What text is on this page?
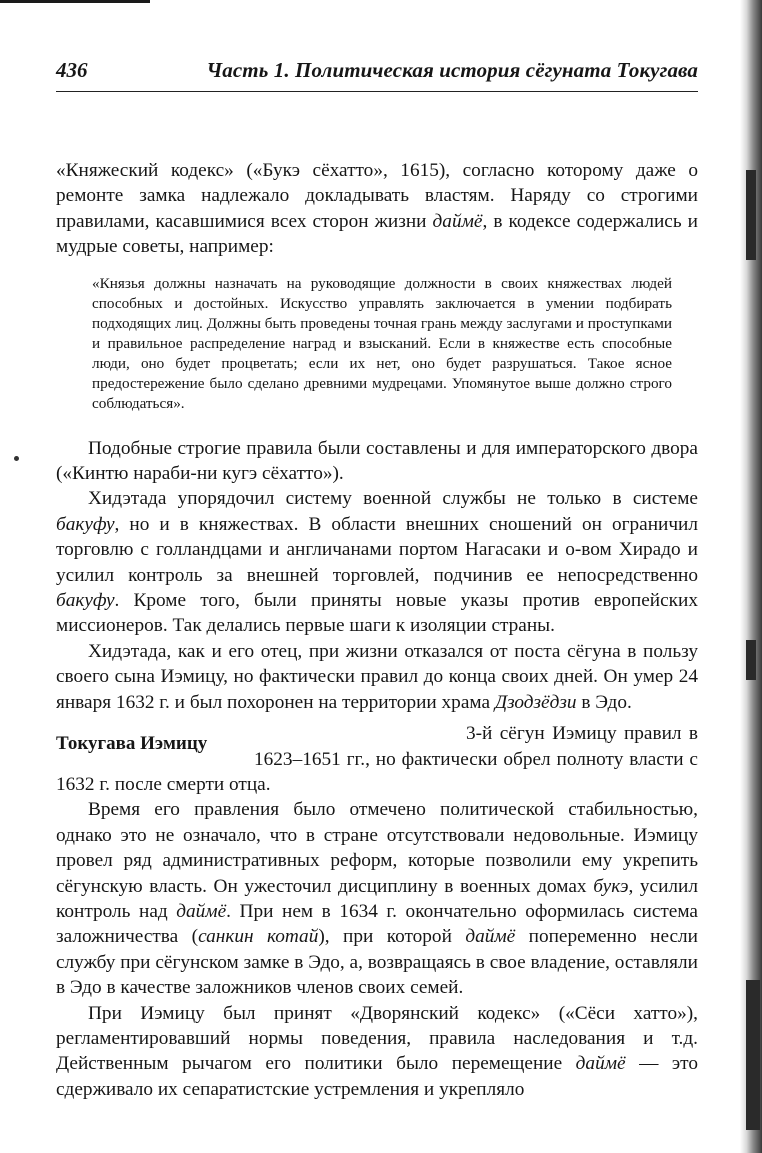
436	Часть 1. Политическая история сёгуната Токугава

«Княжеский кодекс» («Букэ сёхатто», 1615), согласно которому даже о ремонте замка надлежало докладывать властям. Наряду со строгими правилами, касавшимися всех сторон жизни даймё, в кодексе содержались и мудрые советы, например:

«Князья должны назначать на руководящие должности в своих княжествах людей способных и достойных. Искусство управлять заключается в умении подбирать подходящих лиц. Должны быть проведены точная грань между заслугами и проступками и правильное распределение наград и взысканий. Если в княжестве есть способные люди, оно будет процветать; если их нет, оно будет разрушаться. Такое ясное предостережение было сделано древними мудрецами. Упомянутое выше должно строго соблюдаться».

Подобные строгие правила были составлены и для императорского двора («Кинтю нараби-ни кугэ сёхатто»).

Хидэтада упорядочил систему военной службы не только в системе бакуфу, но и в княжествах. В области внешних сношений он ограничил торговлю с голландцами и англичанами портом Нагасаки и о-вом Хирадо и усилил контроль за внешней торговлей, подчинив ее непосредственно бакуфу. Кроме того, были приняты новые указы против европейских миссионеров. Так делались первые шаги к изоляции страны.

Хидэтада, как и его отец, при жизни отказался от поста сёгуна в пользу своего сына Иэмицу, но фактически правил до конца своих дней. Он умер 24 января 1632 г. и был похоронен на территории храма Дзодзёдзи в Эдо.

Токугава Иэмицу	3-й сёгун Иэмицу правил в 1623–1651 гг., но фактически обрел полноту власти с 1632 г. после смерти отца.

Время его правления было отмечено политической стабильностью, однако это не означало, что в стране отсутствовали недовольные. Иэмицу провел ряд административных реформ, которые позволили ему укрепить сёгунскую власть. Он ужесточил дисциплину в военных домах букэ, усилил контроль над даймё. При нем в 1634 г. окончательно оформилась система заложничества (санкин котай), при которой даймё попеременно несли службу при сёгунском замке в Эдо, а, возвращаясь в свое владение, оставляли в Эдо в качестве заложников членов своих семей.

При Иэмицу был принят «Дворянский кодекс» («Сёси хатто»), регламентировавший нормы поведения, правила наследования и т.д. Действенным рычагом его политики было перемещение даймё — это сдерживало их сепаратистские устремления и укрепляло
